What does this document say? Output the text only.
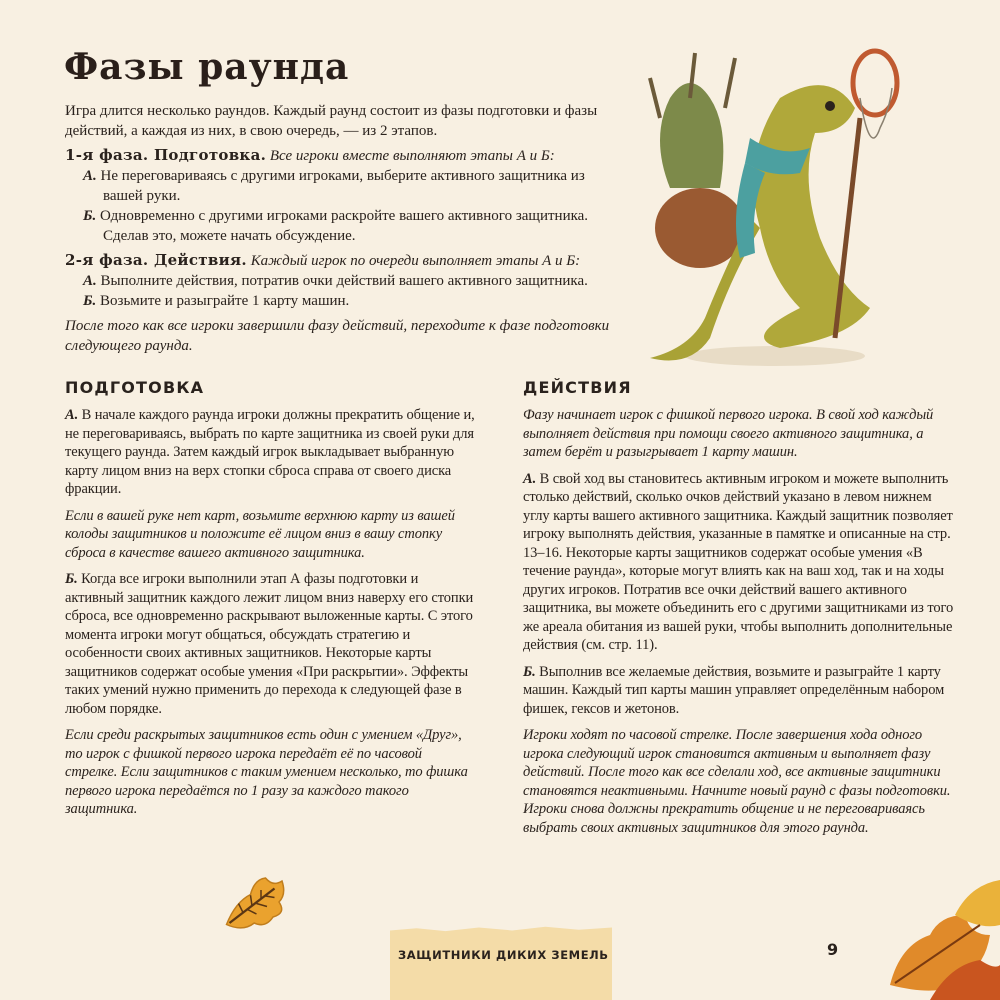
Фазы раунда

Игра длится несколько раундов. Каждый раунд состоит из фазы подготовки и фазы действий, а каждая из них, в свою очередь, — из 2 этапов.

1-я фаза. Подготовка. Все игроки вместе выполняют этапы А и Б:
А. Не переговариваясь с другими игроками, выберите активного защитника из вашей руки.
Б. Одновременно с другими игроками раскройте вашего активного защитника. Сделав это, можете начать обсуждение.
2-я фаза. Действия. Каждый игрок по очереди выполняет этапы А и Б:
А. Выполните действия, потратив очки действий вашего активного защитника.
Б. Возьмите и разыграйте 1 карту машин.

После того как все игроки завершили фазу действий, переходите к фазе подготовки следующего раунда.

ПОДГОТОВКА

А. В начале каждого раунда игроки должны прекратить общение и, не переговариваясь, выбрать по карте защитника из своей руки для текущего раунда. Затем каждый игрок выкладывает выбранную карту лицом вниз на верх стопки сброса справа от своего диска фракции.

Если в вашей руке нет карт, возьмите верхнюю карту из вашей колоды защитников и положите её лицом вниз в вашу стопку сброса в качестве вашего активного защитника.

Б. Когда все игроки выполнили этап А фазы подготовки и активный защитник каждого лежит лицом вниз наверху его стопки сброса, все одновременно раскрывают выложенные карты. С этого момента игроки могут общаться, обсуждать стратегию и особенности своих активных защитников. Некоторые карты защитников содержат особые умения «При раскрытии». Эффекты таких умений нужно применить до перехода к следующей фазе в любом порядке.

Если среди раскрытых защитников есть один с умением «Друг», то игрок с фишкой первого игрока передаёт её по часовой стрелке. Если защитников с таким умением несколько, то фишка первого игрока передаётся по 1 разу за каждого такого защитника.

ДЕЙСТВИЯ

Фазу начинает игрок с фишкой первого игрока. В свой ход каждый выполняет действия при помощи своего активного защитника, а затем берёт и разыгрывает 1 карту машин.

А. В свой ход вы становитесь активным игроком и можете выполнить столько действий, сколько очков действий указано в левом нижнем углу карты вашего активного защитника. Каждый защитник позволяет игроку выполнять действия, указанные в памятке и описанные на стр. 13–16. Некоторые карты защитников содержат особые умения «В течение раунда», которые могут влиять как на ваш ход, так и на ходы других игроков. Потратив все очки действий вашего активного защитника, вы можете объединить его с другими защитниками из того же ареала обитания из вашей руки, чтобы выполнить дополнительные действия (см. стр. 11).

Б. Выполнив все желаемые действия, возьмите и разыграйте 1 карту машин. Каждый тип карты машин управляет определённым набором фишек, гексов и жетонов.

Игроки ходят по часовой стрелке. После завершения хода одного игрока следующий игрок становится активным и выполняет фазу действий. После того как все сделали ход, все активные защитники становятся неактивными. Начните новый раунд с фазы подготовки. Игроки снова должны прекратить общение и не переговариваясь выбрать своих активных защитников для этого раунда.

ЗАЩИТНИКИ ДИКИХ ЗЕМЕЛЬ	9
